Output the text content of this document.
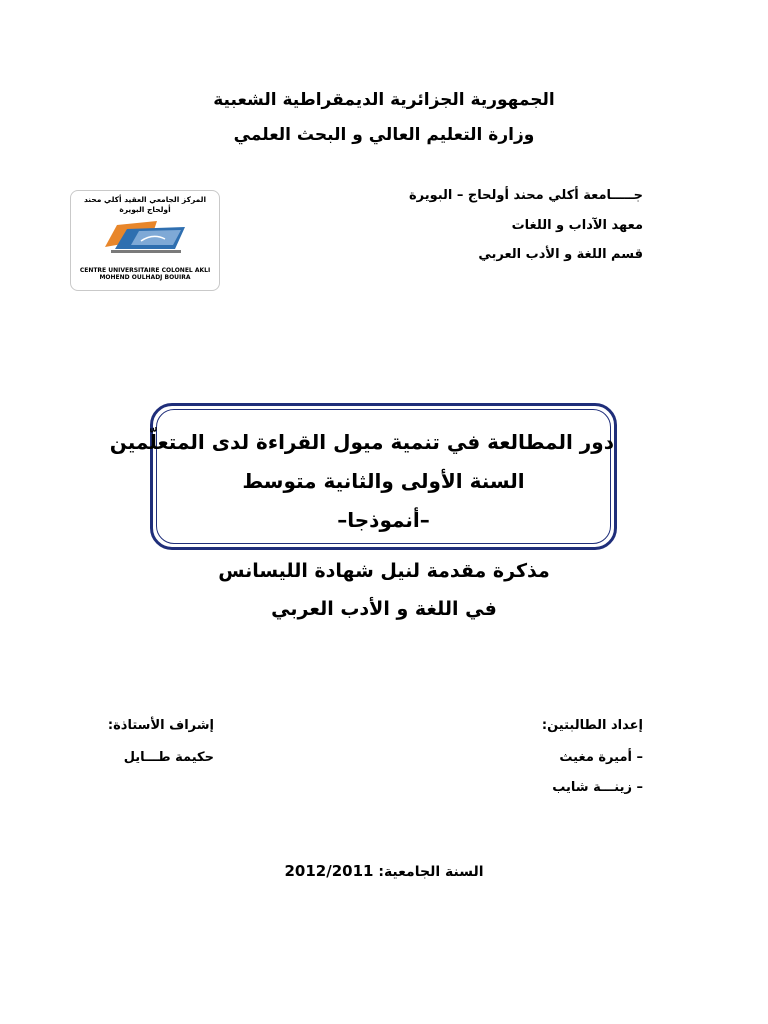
الجمهورية الجزائرية الديمقراطية الشعبية
وزارة التعليم العالي و البحث العلمي
جـــــامعة أكلي محند أولحاج – البويرة
معهد الآداب و اللغات
قسم اللغة و الأدب العربي
المركز الجامعي العقيد أكلي محند أولحاج البويرة
CENTRE UNIVERSITAIRE COLONEL AKLI MOHEND OULHADJ BOUIRA
دور المطالعة في تنمية ميول القراءة لدى المتعلّمين
السنة الأولى والثانية متوسط
–أنموذجا–
مذكرة مقدمة لنيل شهادة الليسانس
في اللغة و الأدب العربي
إعداد الطالبتين:
– أميرة مغيث
– زينـــة شايب
إشراف الأستاذة:
حكيمة طـــايل
السنة الجامعية: 2012/2011
